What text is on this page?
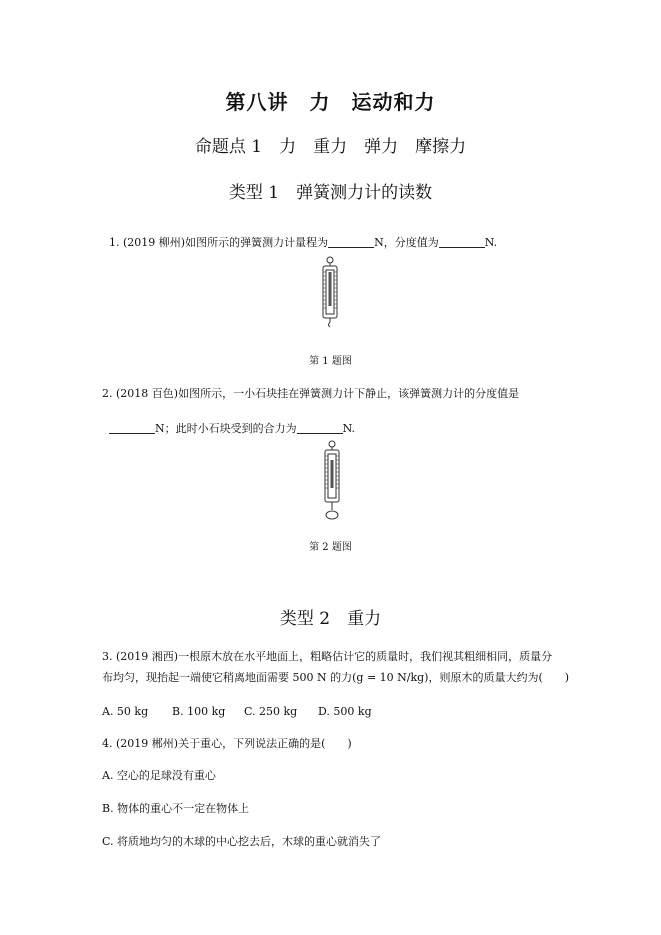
第八讲　力　运动和力
命题点 1　力　重力　弹力　摩擦力
类型 1　弹簧测力计的读数

1. (2019 柳州)如图所示的弹簧测力计量程为	N，分度值为	N.

第 1 题图
2. (2018 百色)如图所示，一小石块挂在弹簧测力计下静止，该弹簧测力计的分度值是

N；此时小石块受到的合力为	N.

第 2 题图
类型 2　重力
3. (2019 湘西)一根原木放在水平地面上，粗略估计它的质量时，我们视其粗细相同，质量分
布均匀，现抬起一端使它稍离地面需要 500 N 的力(g = 10 N/kg)，则原木的质量大约为(　　)
A. 50 kg B. 100 kg C. 250 kg D. 500 kg
4. (2019 郴州)关于重心，下列说法正确的是(　　)
A. 空心的足球没有重心
B. 物体的重心不一定在物体上
C. 将质地均匀的木球的中心挖去后，木球的重心就消失了
